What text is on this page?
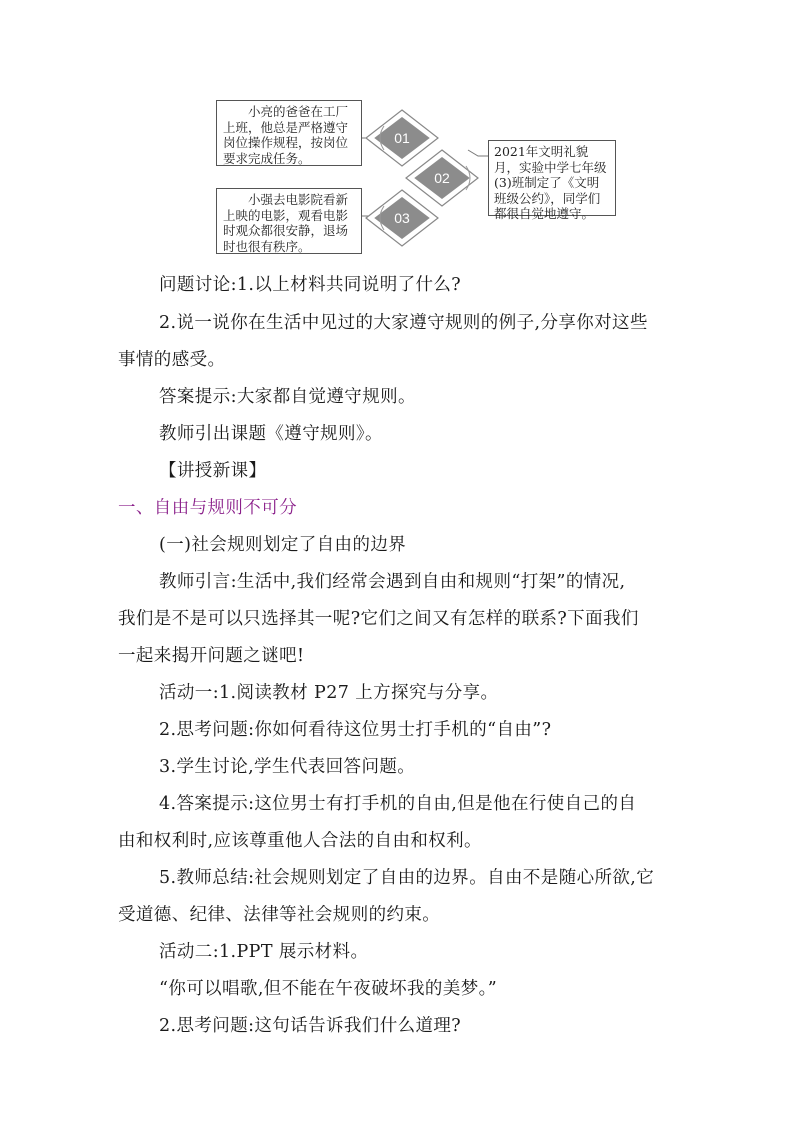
01
02
03
小亮的爸爸在工厂上班，他总是严格遵守岗位操作规程，按岗位要求完成任务。
小强去电影院看新上映的电影，观看电影时观众都很安静，退场时也很有秩序。
2021年文明礼貌月，实验中学七年级(3)班制定了《文明班级公约》，同学们都很自觉地遵守。
问题讨论:1.以上材料共同说明了什么?
2.说一说你在生活中见过的大家遵守规则的例子,分享你对这些
事情的感受。
答案提示:大家都自觉遵守规则。
教师引出课题《遵守规则》。
【讲授新课】
一、自由与规则不可分
(一)社会规则划定了自由的边界
教师引言:生活中,我们经常会遇到自由和规则“打架”的情况,
我们是不是可以只选择其一呢?它们之间又有怎样的联系?下面我们
一起来揭开问题之谜吧!
活动一:1.阅读教材 P27 上方探究与分享。
2.思考问题:你如何看待这位男士打手机的“自由”?
3.学生讨论,学生代表回答问题。
4.答案提示:这位男士有打手机的自由,但是他在行使自己的自
由和权利时,应该尊重他人合法的自由和权利。
5.教师总结:社会规则划定了自由的边界。自由不是随心所欲,它
受道德、纪律、法律等社会规则的约束。
活动二:1.PPT 展示材料。
“你可以唱歌,但不能在午夜破坏我的美梦。”
2.思考问题:这句话告诉我们什么道理?
